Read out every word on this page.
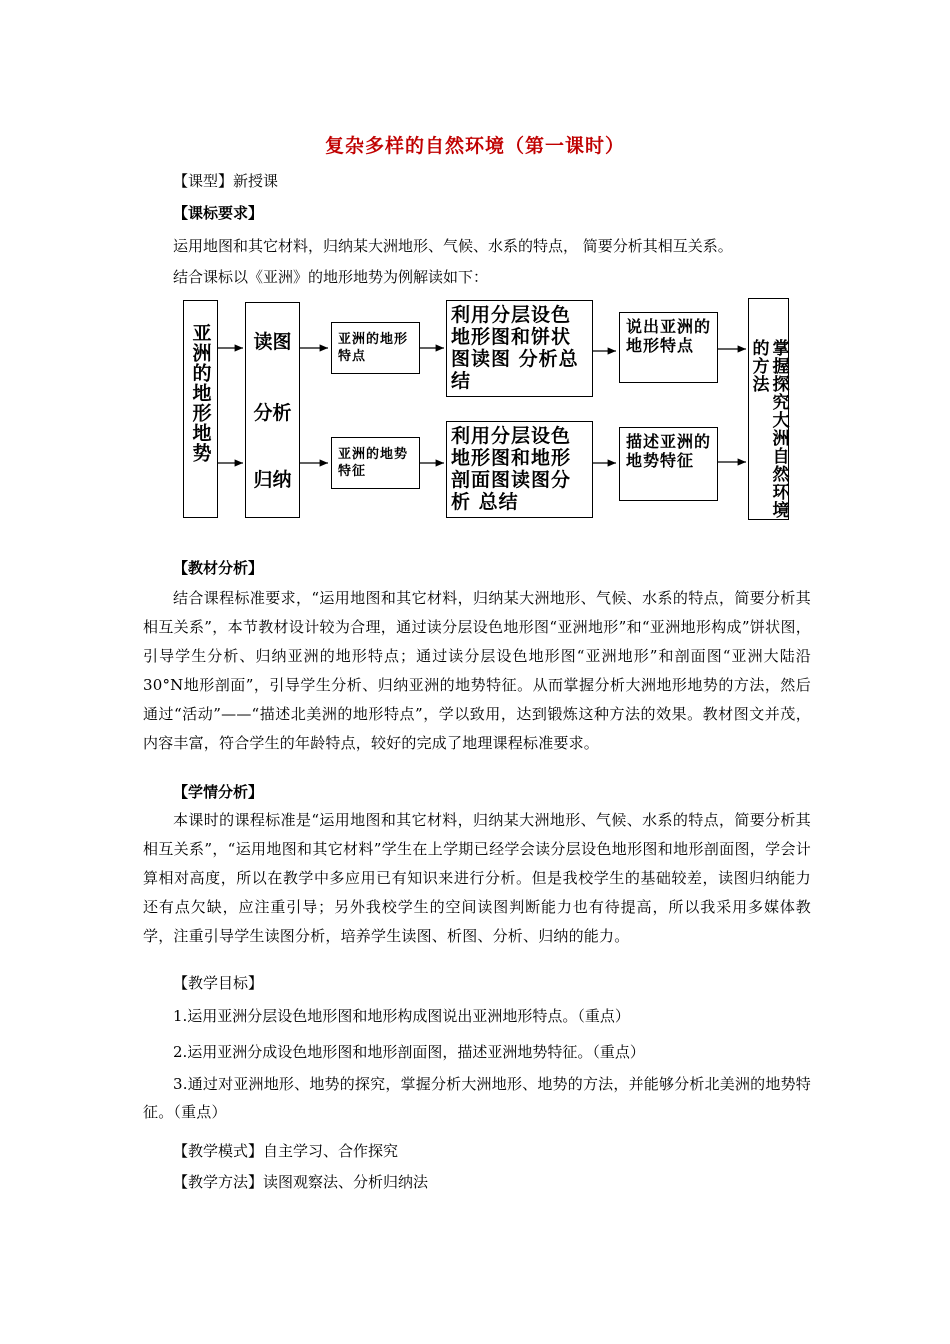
复杂多样的自然环境（第一课时）
【课型】新授课
【课标要求】
运用地图和其它材料，归纳某大洲地形、气候、水系的特点， 简要分析其相互关系。
结合课标以《亚洲》的地形地势为例解读如下：
亚洲的地形地势	读图
分析
归纳
亚洲的地形特点
亚洲的地势特征
利用分层设色地形图和饼状图读图 分析总结
利用分层设色地形图和地形剖面图读图分析 总结
说出亚洲的地形特点
描述亚洲的地势特征	掌握探究大洲自然环境的方法
【教材分析】
结合课程标准要求，“运用地图和其它材料，归纳某大洲地形、气候、水系的特点，简要分析其相互关系”，本节教材设计较为合理，通过读分层设色地形图“亚洲地形”和“亚洲地形构成”饼状图，引导学生分析、归纳亚洲的地形特点；通过读分层设色地形图“亚洲地形”和剖面图“亚洲大陆沿 30°N地形剖面”，引导学生分析、归纳亚洲的地势特征。从而掌握分析大洲地形地势的方法，然后通过“活动”——“描述北美洲的地形特点”，学以致用，达到锻炼这种方法的效果。教材图文并茂，内容丰富，符合学生的年龄特点，较好的完成了地理课程标准要求。
【学情分析】
本课时的课程标准是“运用地图和其它材料，归纳某大洲地形、气候、水系的特点，简要分析其相互关系”，“运用地图和其它材料”学生在上学期已经学会读分层设色地形图和地形剖面图，学会计算相对高度，所以在教学中多应用已有知识来进行分析。但是我校学生的基础较差，读图归纳能力还有点欠缺，应注重引导；另外我校学生的空间读图判断能力也有待提高，所以我采用多媒体教学，注重引导学生读图分析，培养学生读图、析图、分析、归纳的能力。
【教学目标】
1.运用亚洲分层设色地形图和地形构成图说出亚洲地形特点。（重点）
2.运用亚洲分成设色地形图和地形剖面图，描述亚洲地势特征。（重点）
3.通过对亚洲地形、地势的探究，掌握分析大洲地形、地势的方法，并能够分析北美洲的地势特征。（重点）
【教学模式】自主学习、合作探究
【教学方法】读图观察法、分析归纳法
